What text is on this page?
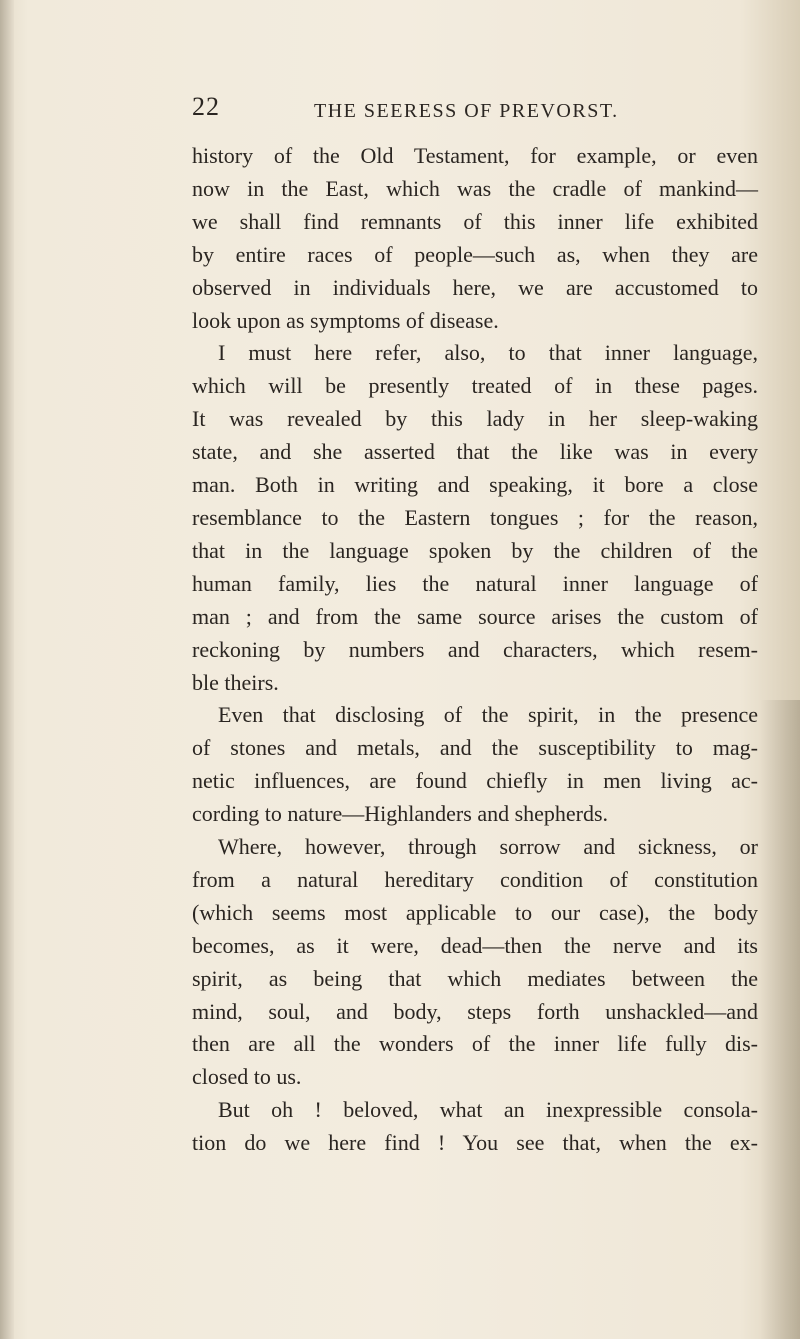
22	THE SEERESS OF PREVORST.
history of the Old Testament, for example, or even
now in the East, which was the cradle of mankind—
we shall find remnants of this inner life exhibited
by entire races of people—such as, when they are
observed in individuals here, we are accustomed to
look upon as symptoms of disease.
I must here refer, also, to that inner language,
which will be presently treated of in these pages.
It was revealed by this lady in her sleep-waking
state, and she asserted that the like was in every
man. Both in writing and speaking, it bore a close
resemblance to the Eastern tongues ; for the reason,
that in the language spoken by the children of the
human family, lies the natural inner language of
man ; and from the same source arises the custom of
reckoning by numbers and characters, which resem-
ble theirs.
Even that disclosing of the spirit, in the presence
of stones and metals, and the susceptibility to mag-
netic influences, are found chiefly in men living ac-
cording to nature—Highlanders and shepherds.
Where, however, through sorrow and sickness, or
from a natural hereditary condition of constitution
(which seems most applicable to our case), the body
becomes, as it were, dead—then the nerve and its
spirit, as being that which mediates between the
mind, soul, and body, steps forth unshackled—and
then are all the wonders of the inner life fully dis-
closed to us.
But oh ! beloved, what an inexpressible consola-
tion do we here find ! You see that, when the ex-
